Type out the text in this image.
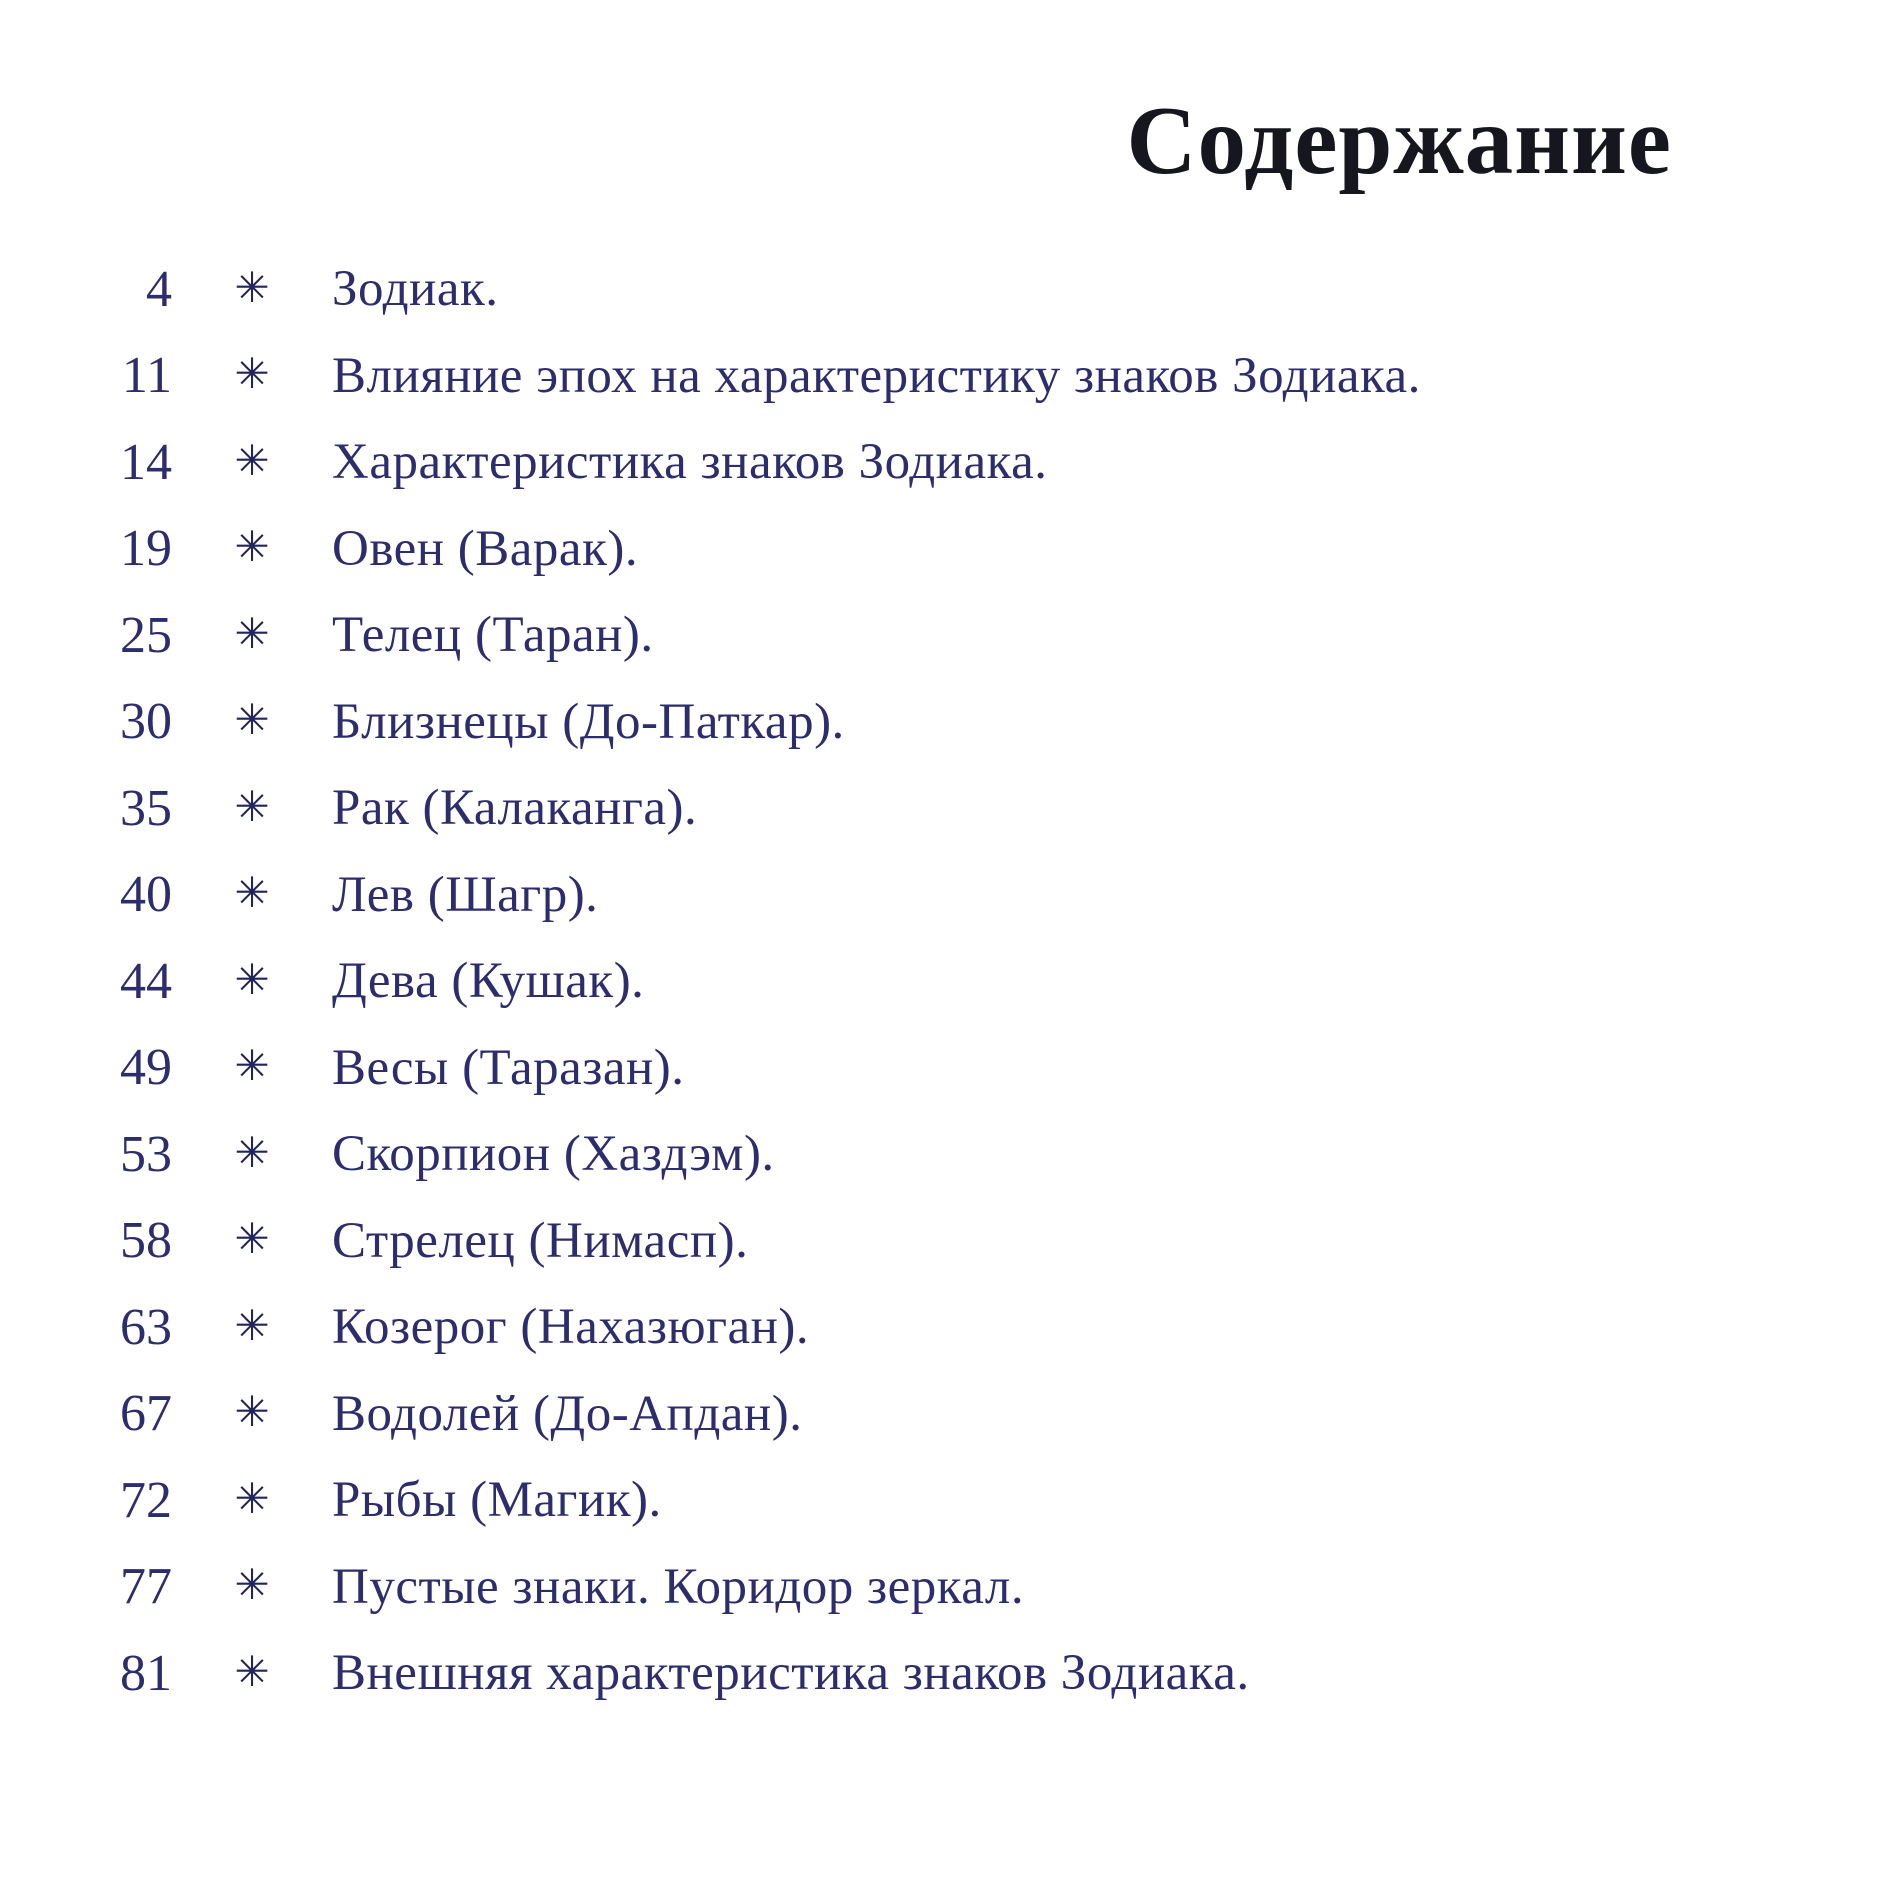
Содержание
4	✳	Зодиак.
11	✳	Влияние эпох на характеристику знаков Зодиака.
14	✳	Характеристика знаков Зодиака.
19	✳	Овен (Варак).
25	✳	Телец (Таран).
30	✳	Близнецы (До-Паткар).
35	✳	Рак (Калаканга).
40	✳	Лев (Шагр).
44	✳	Дева (Кушак).
49	✳	Весы (Таразан).
53	✳	Скорпион (Хаздэм).
58	✳	Стрелец (Нимасп).
63	✳	Козерог (Нахазюган).
67	✳	Водолей (До-Апдан).
72	✳	Рыбы (Магик).
77	✳	Пустые знаки. Коридор зеркал.
81	✳	Внешняя характеристика знаков Зодиака.
